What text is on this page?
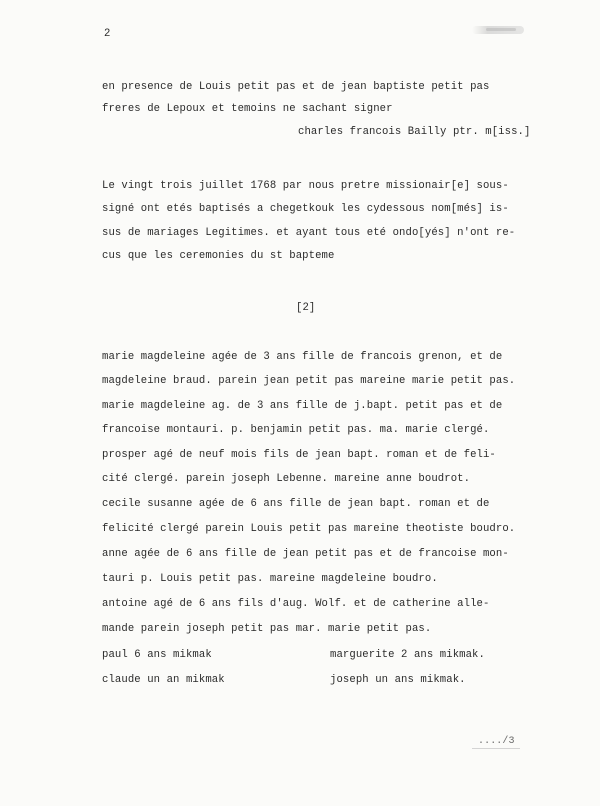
2
en presence de Louis petit pas et de jean baptiste petit pas
freres de Lepoux et temoins ne sachant signer
charles francois Bailly ptr. m[iss.]
Le vingt trois juillet 1768 par nous pretre missionair[e] sous-
signé ont etés baptisés a chegetkouk les cydessous nom[més] is-
sus de mariages Legitimes. et ayant tous eté ondo[yés] n'ont re-
cus que les ceremonies du st bapteme
[2]
marie magdeleine agée de 3 ans fille de francois grenon, et de
magdeleine braud. parein jean petit pas mareine marie petit pas.
marie magdeleine ag. de 3 ans fille de j.bapt. petit pas et de
francoise montauri. p. benjamin petit pas. ma. marie clergé.
prosper agé de neuf mois fils de jean bapt. roman et de feli-
cité clergé. parein joseph Lebenne. mareine anne boudrot.
cecile susanne agée de 6 ans fille de jean bapt. roman et de
felicité clergé parein Louis petit pas mareine theotiste boudro.
anne agée de 6 ans fille de jean petit pas et de francoise mon-
tauri p. Louis petit pas. mareine magdeleine boudro.
antoine agé de 6 ans fils d'aug. Wolf. et de catherine alle-
mande parein joseph petit pas mar. marie petit pas.
paul 6 ans mikmak	marguerite 2 ans mikmak.
claude un an mikmak	joseph un ans mikmak.
..../3
